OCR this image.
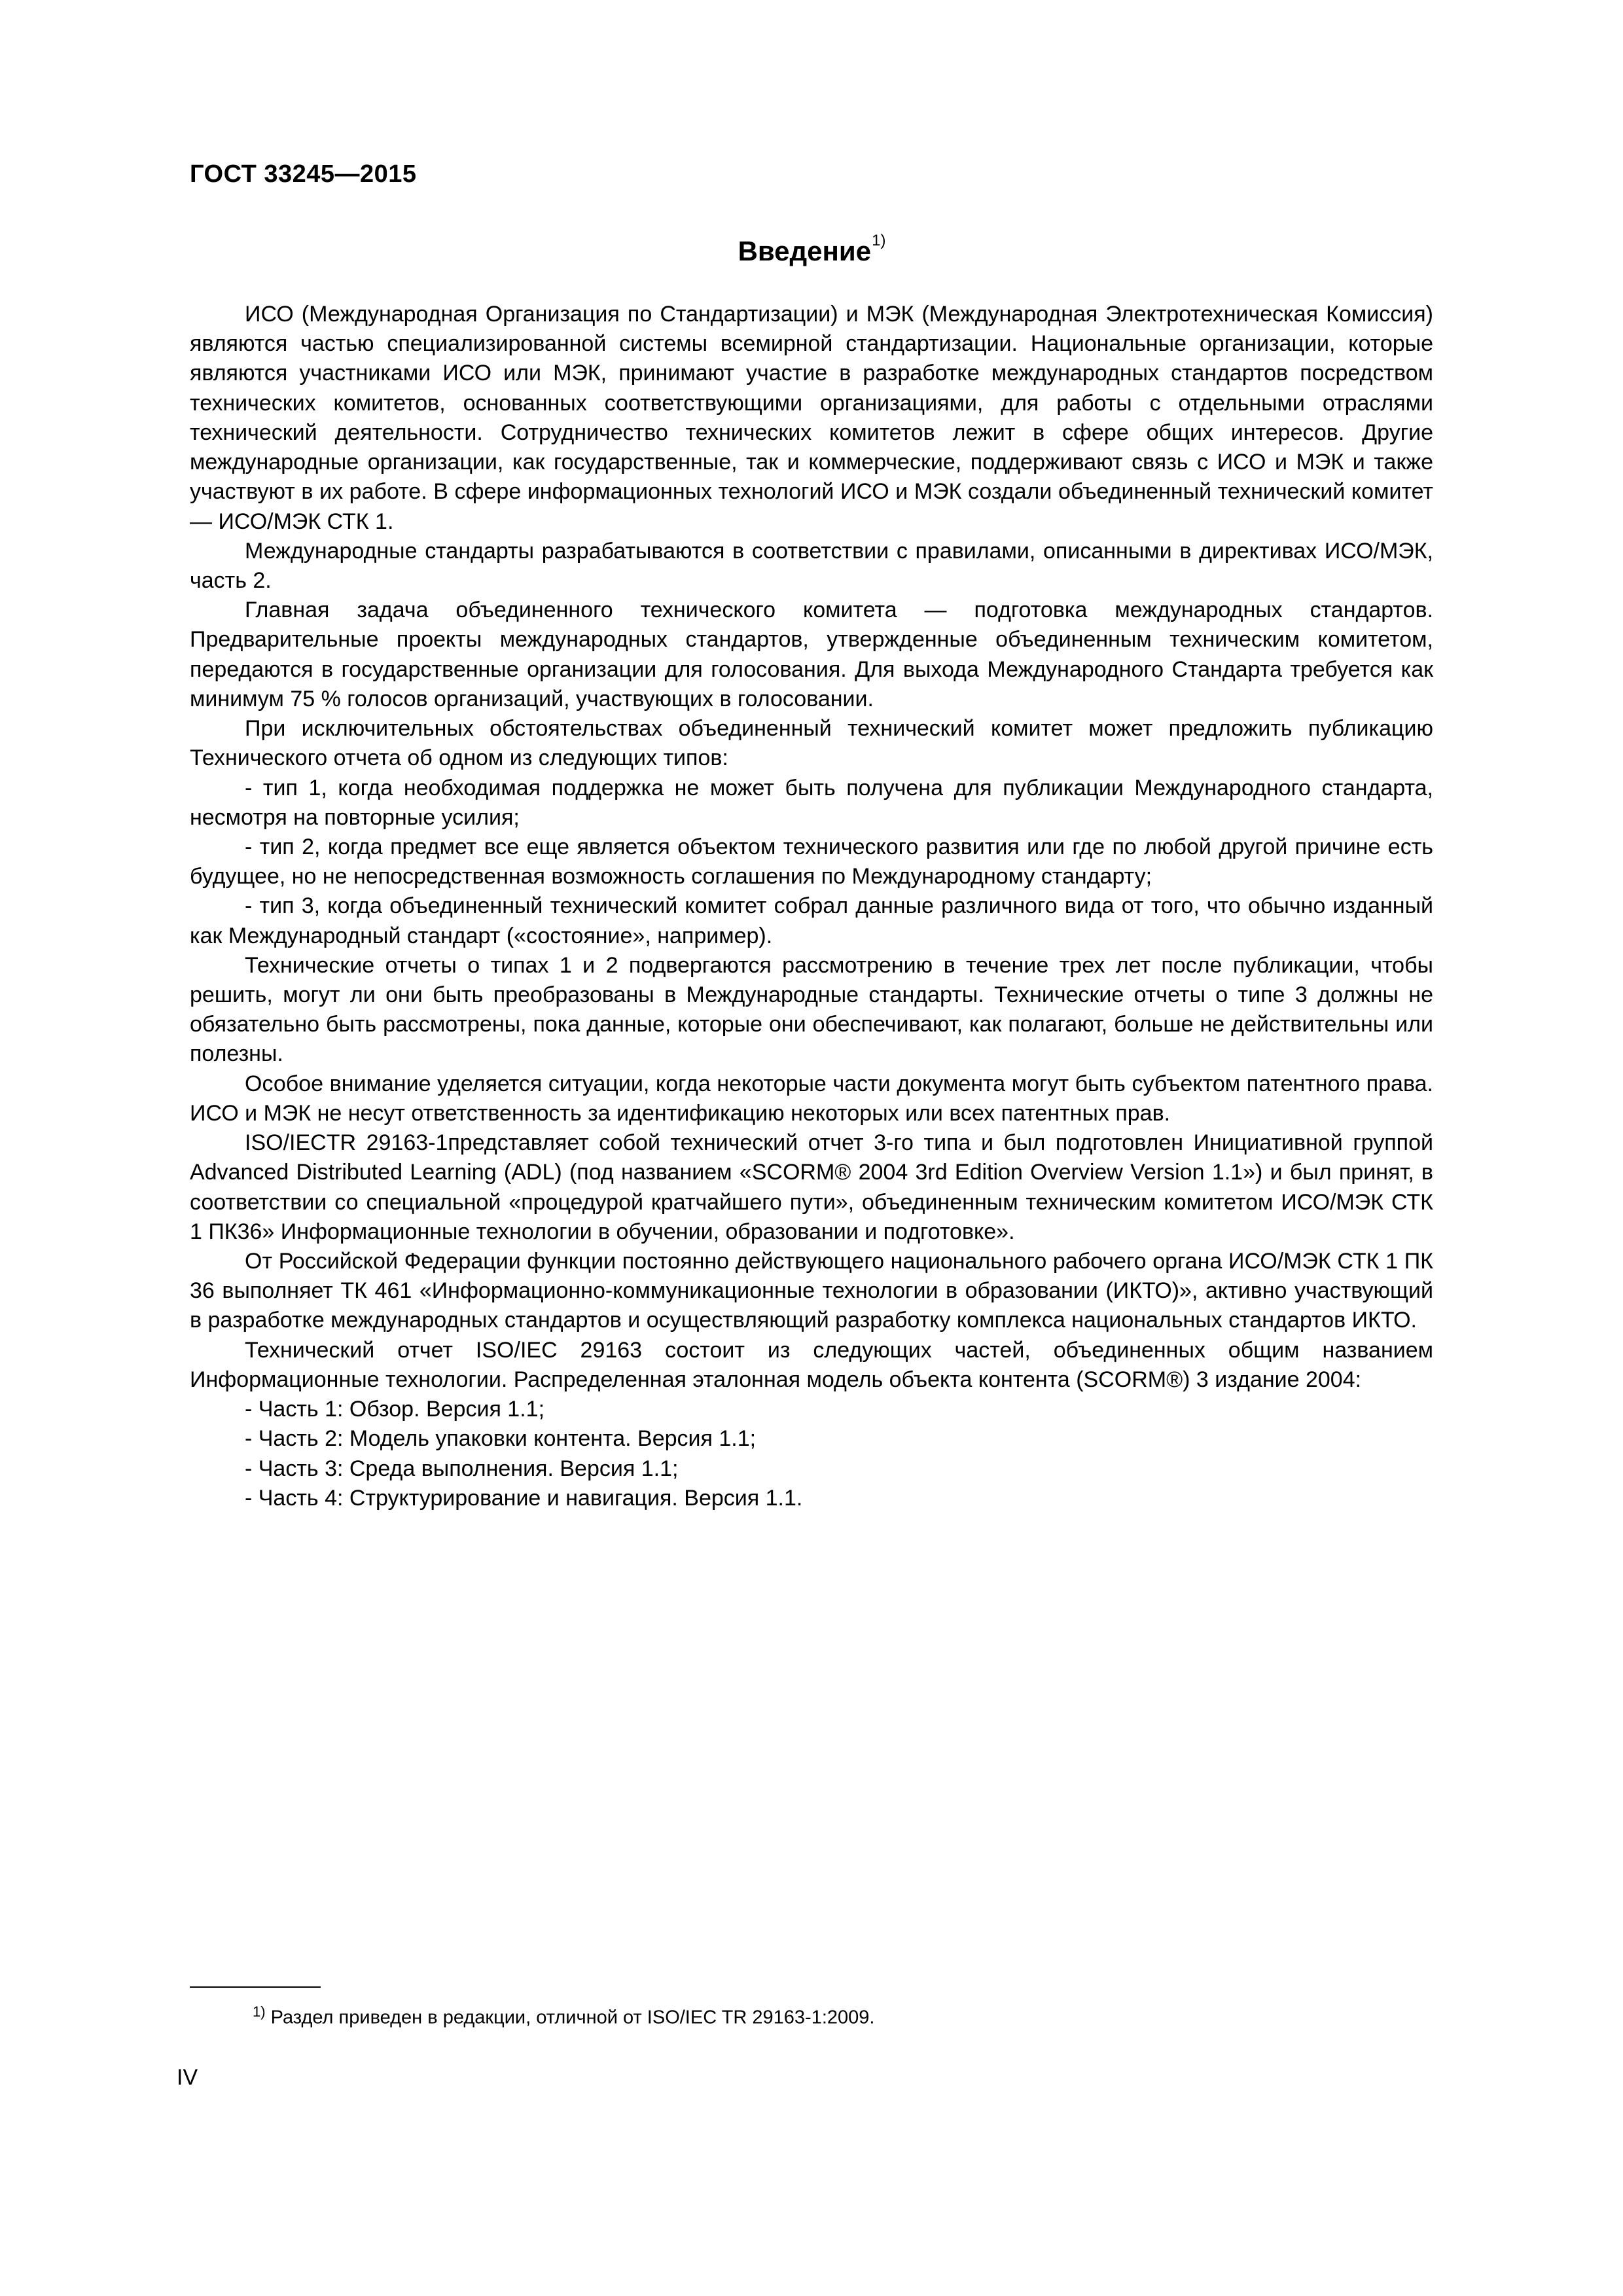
ГОСТ 33245—2015
Введение$^{1)}$

ИСО (Международная Организация по Стандартизации) и МЭК (Международная Электротехническая Комиссия) являются частью специализированной системы всемирной стандартизации. Национальные организации, которые являются участниками ИСО или МЭК, принимают участие в разработке международных стандартов посредством технических комитетов, основанных соответствующими организациями, для работы с отдельными отраслями технический деятельности. Сотрудничество технических комитетов лежит в сфере общих интересов. Другие международные организации, как государственные, так и коммерческие, поддерживают связь с ИСО и МЭК и также участвуют в их работе. В сфере информационных технологий ИСО и МЭК создали объединенный технический комитет — ИСО/МЭК СТК 1.

Международные стандарты разрабатываются в соответствии с правилами, описанными в директивах ИСО/МЭК, часть 2.

Главная задача объединенного технического комитета — подготовка международных стандартов. Предварительные проекты международных стандартов, утвержденные объединенным техническим комитетом, передаются в государственные организации для голосования. Для выхода Международного Стандарта требуется как минимум 75 % голосов организаций, участвующих в голосовании.

При исключительных обстоятельствах объединенный технический комитет может предложить публикацию Технического отчета об одном из следующих типов:

- тип 1, когда необходимая поддержка не может быть получена для публикации Международного стандарта, несмотря на повторные усилия;

- тип 2, когда предмет все еще является объектом технического развития или где по любой другой причине есть будущее, но не непосредственная возможность соглашения по Международному стандарту;

- тип 3, когда объединенный технический комитет собрал данные различного вида от того, что обычно изданный как Международный стандарт («состояние», например).

Технические отчеты о типах 1 и 2 подвергаются рассмотрению в течение трех лет после публикации, чтобы решить, могут ли они быть преобразованы в Международные стандарты. Технические отчеты о типе 3 должны не обязательно быть рассмотрены, пока данные, которые они обеспечивают, как полагают, больше не действительны или полезны.

Особое внимание уделяется ситуации, когда некоторые части документа могут быть субъектом патентного права. ИСО и МЭК не несут ответственность за идентификацию некоторых или всех патентных прав.

ISO/IECTR 29163-1представляет собой технический отчет 3-го типа и был подготовлен Инициативной группой Advanced Distributed Learning (ADL) (под названием «SCORM® 2004 3rd Edition Overview Version 1.1») и был принят, в соответствии со специальной «процедурой кратчайшего пути», объединенным техническим комитетом ИСО/МЭК СТК 1 ПК36» Информационные технологии в обучении, образовании и подготовке».

От Российской Федерации функции постоянно действующего национального рабочего органа ИСО/МЭК СТК 1 ПК 36 выполняет ТК 461 «Информационно-коммуникационные технологии в образовании (ИКТО)», активно участвующий в разработке международных стандартов и осуществляющий разработку комплекса национальных стандартов ИКТО.

Технический отчет ISO/IEC 29163 состоит из следующих частей, объединенных общим названием Информационные технологии. Распределенная эталонная модель объекта контента (SCORM®) 3 издание 2004:

- Часть 1: Обзор. Версия 1.1;

- Часть 2: Модель упаковки контента. Версия 1.1;

- Часть 3: Среда выполнения. Версия 1.1;

- Часть 4: Структурирование и навигация. Версия 1.1.

1) Раздел приведен в редакции, отличной от ISO/IEC TR 29163-1:2009.
IV
